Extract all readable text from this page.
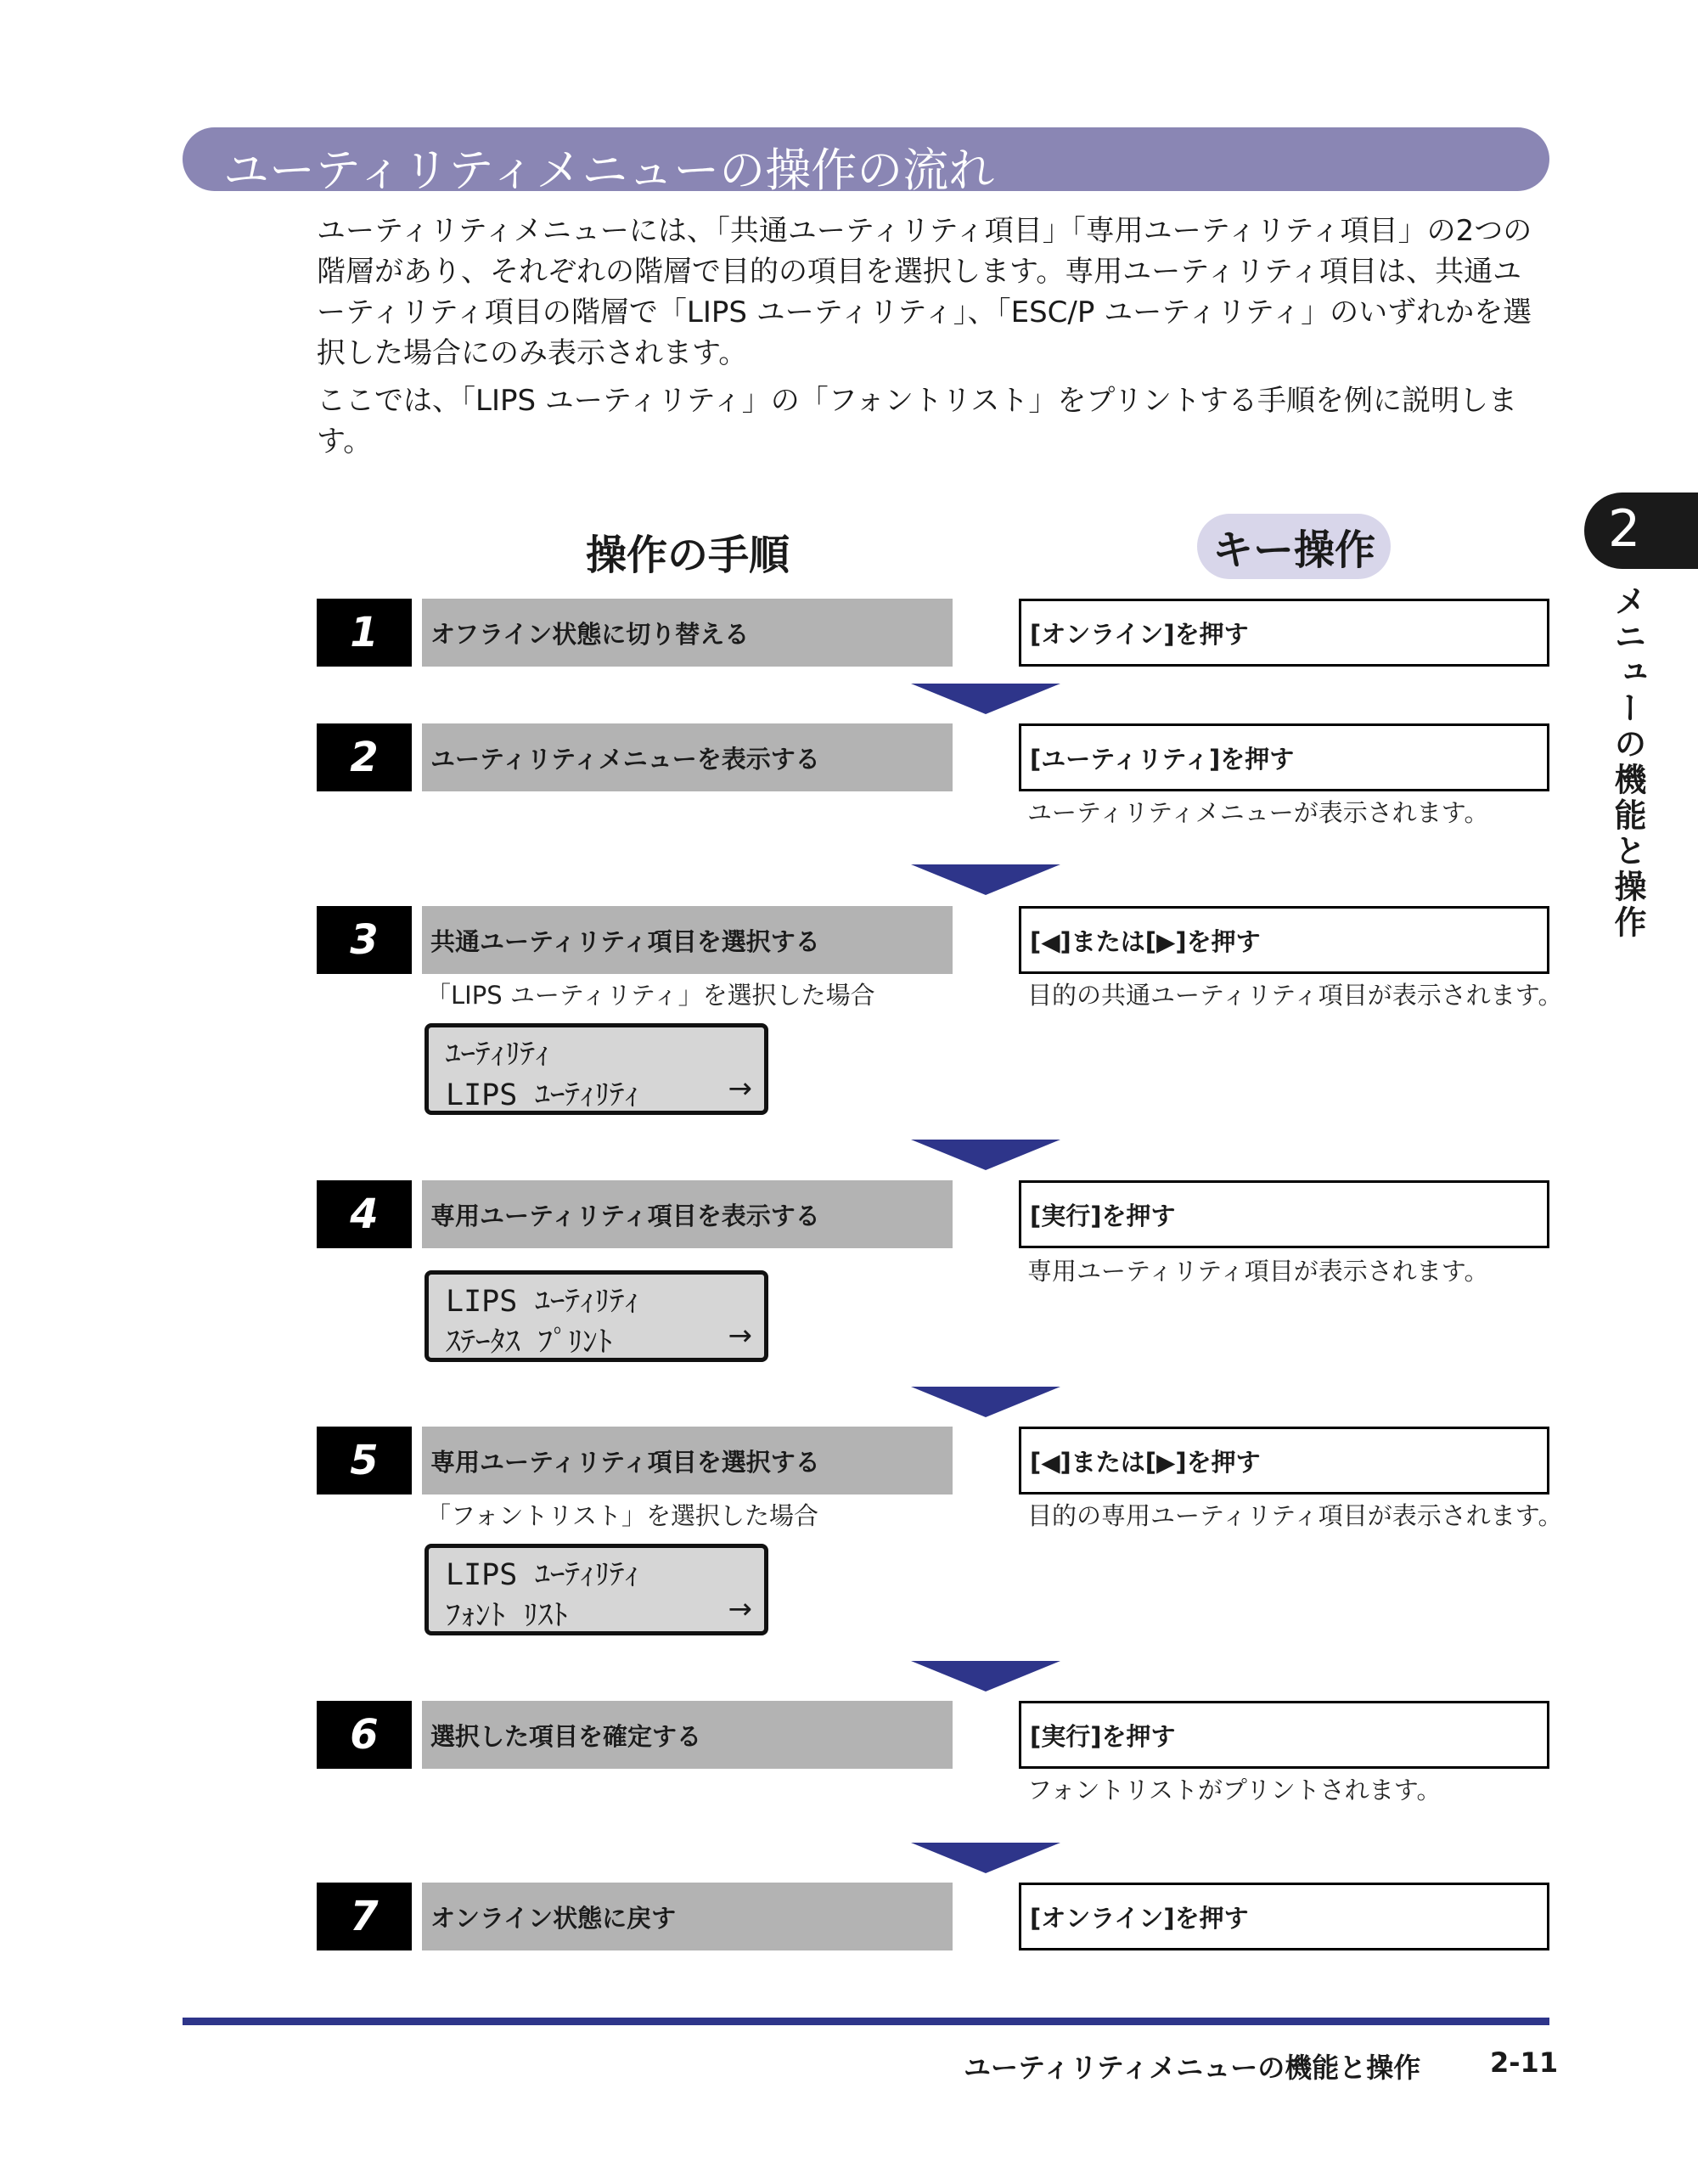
ユーティリティメニューの操作の流れ

ユーティリティメニューには、「共通ユーティリティ項目」「専用ユーティリティ項目」の2つの階層があり、それぞれの階層で目的の項目を選択します。専用ユーティリティ項目は、共通ユーティリティ項目の階層で「LIPS ユーティリティ」、「ESC/P ユーティリティ」のいずれかを選択した場合にのみ表示されます。

ここでは、「LIPS ユーティリティ」の「フォントリスト」をプリントする手順を例に説明します。

2
メニューの機能と操作
操作の手順	キー操作
1	オフライン状態に切り替える	[オンライン]を押す
2	ユーティリティメニューを表示する	[ユーティリティ]を押す
ユーティリティメニューが表示されます。
3	共通ユーティリティ項目を選択する	[◀]または[▶]を押す
「LIPS ユーティリティ」を選択した場合	目的の共通ユーティリティ項目が表示されます。
ﾕｰﾃｨﾘﾃｨ
LIPS ﾕｰﾃｨﾘﾃｨ	→
4	専用ユーティリティ項目を表示する	[実行]を押す
専用ユーティリティ項目が表示されます。
LIPS ﾕｰﾃｨﾘﾃｨ
ｽﾃｰﾀｽ ﾌﾟﾘﾝﾄ	→
5	専用ユーティリティ項目を選択する	[◀]または[▶]を押す
「フォントリスト」を選択した場合	目的の専用ユーティリティ項目が表示されます。
LIPS ﾕｰﾃｨﾘﾃｨ
ﾌｫﾝﾄ ﾘｽﾄ	→
6	選択した項目を確定する	[実行]を押す
フォントリストがプリントされます。
7	オンライン状態に戻す	[オンライン]を押す
ユーティリティメニューの機能と操作	2-11
